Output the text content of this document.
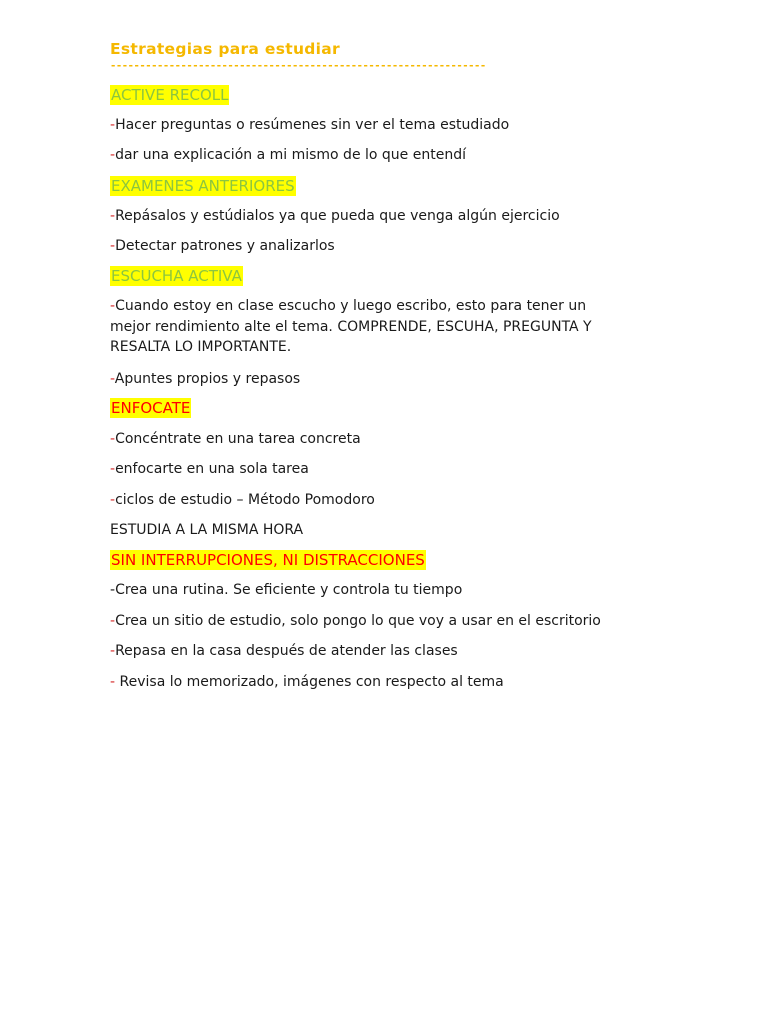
Estrategias para estudiar
----------------------------------------------------------------
ACTIVE RECOLL
-Hacer preguntas o resúmenes sin ver el tema estudiado
-dar una explicación a mi mismo de lo que entendí
EXAMENES ANTERIORES
-Repásalos y estúdialos ya que pueda que venga algún ejercicio
-Detectar patrones y analizarlos
ESCUCHA ACTIVA
-Cuando estoy en clase escucho y luego escribo, esto para tener un mejor rendimiento alte el tema. COMPRENDE, ESCUHA, PREGUNTA Y RESALTA LO IMPORTANTE.
-Apuntes propios y repasos
ENFOCATE
-Concéntrate en una tarea concreta
-enfocarte en una sola tarea
-ciclos de estudio – Método Pomodoro
ESTUDIA A LA MISMA HORA
SIN INTERRUPCIONES, NI DISTRACCIONES
-Crea una rutina. Se eficiente y controla tu tiempo
-Crea un sitio de estudio, solo pongo lo que voy a usar en el escritorio
-Repasa en la casa después de atender las clases
- Revisa lo memorizado, imágenes con respecto al tema
